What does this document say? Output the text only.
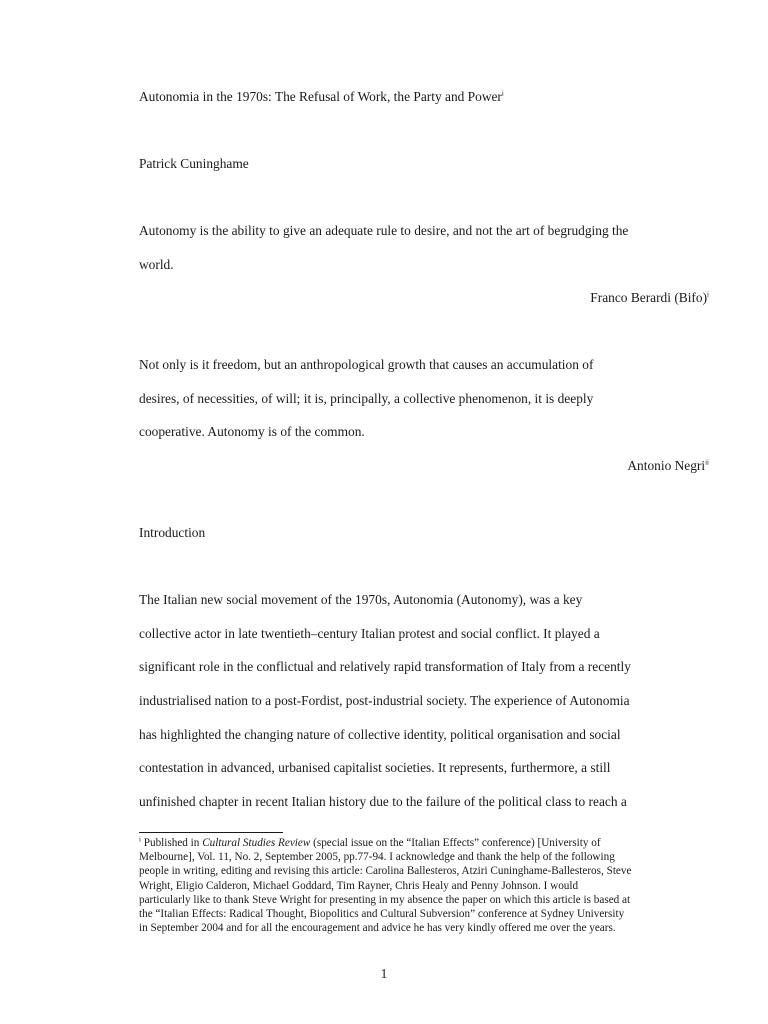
Autonomia in the 1970s: The Refusal of Work, the Party and Power$^i$
Patrick Cuninghame
Autonomy is the ability to give an adequate rule to desire, and not the art of begrudging the
world.
Franco Berardi (Bifo)$^i$
Not only is it freedom, but an anthropological growth that causes an accumulation of
desires, of necessities, of will; it is, principally, a collective phenomenon, it is deeply
cooperative. Autonomy is of the common.
Antonio Negri$^{ii}$
Introduction
The Italian new social movement of the 1970s, Autonomia (Autonomy), was a key
collective actor in late twentieth–century Italian protest and social conflict. It played a
significant role in the conflictual and relatively rapid transformation of Italy from a recently
industrialised nation to a post-Fordist, post-industrial society. The experience of Autonomia
has highlighted the changing nature of collective identity, political organisation and social
contestation in advanced, urbanised capitalist societies. It represents, furthermore, a still
unfinished chapter in recent Italian history due to the failure of the political class to reach a
$^i$ Published in Cultural Studies Review (special issue on the “Italian Effects” conference) [University of
Melbourne], Vol. 11, No. 2, September 2005, pp.77-94. I acknowledge and thank the help of the following
people in writing, editing and revising this article: Carolina Ballesteros, Atziri Cuninghame-Ballesteros, Steve
Wright, Eligio Calderon, Michael Goddard, Tim Rayner, Chris Healy and Penny Johnson. I would
particularly like to thank Steve Wright for presenting in my absence the paper on which this article is based at
the “Italian Effects: Radical Thought, Biopolitics and Cultural Subversion” conference at Sydney University
in September 2004 and for all the encouragement and advice he has very kindly offered me over the years.
1
